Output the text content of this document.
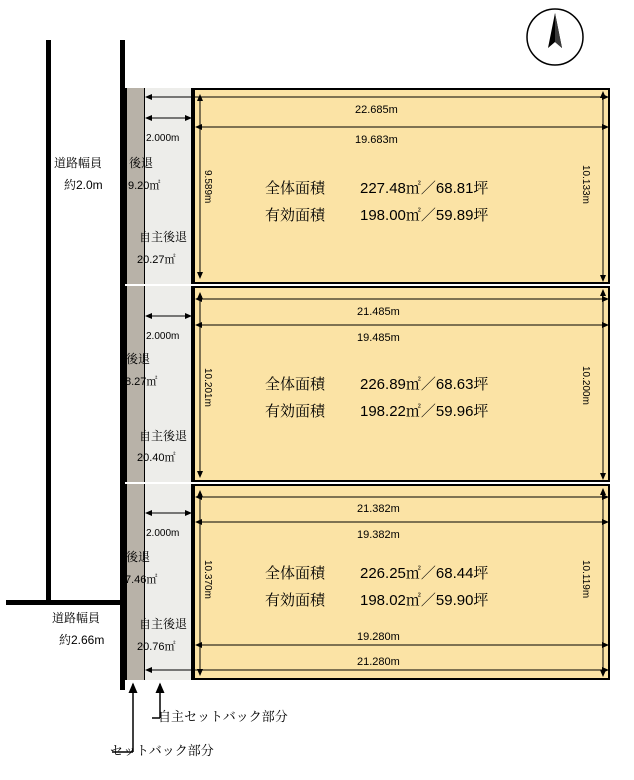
道路幅員
約2.0m
道路幅員
約2.66m
22.685m
19.683m
2.000m
後退
9.20㎡
自主後退
20.27㎡
9.589m	10.133m
全体面積 227.48㎡／68.81坪
有効面積 198.00㎡／59.89坪
21.485m
19.485m
2.000m
後退
8.27㎡
自主後退
20.40㎡
10.201m	10.200m
全体面積 226.89㎡／68.63坪
有効面積 198.22㎡／59.96坪
21.382m
19.382m
2.000m
後退
7.46㎡
自主後退
20.76㎡
10.370m	10.119m
全体面積 226.25㎡／68.44坪
有効面積 198.02㎡／59.90坪
19.280m
21.280m
自主セットバック部分
セットバック部分
